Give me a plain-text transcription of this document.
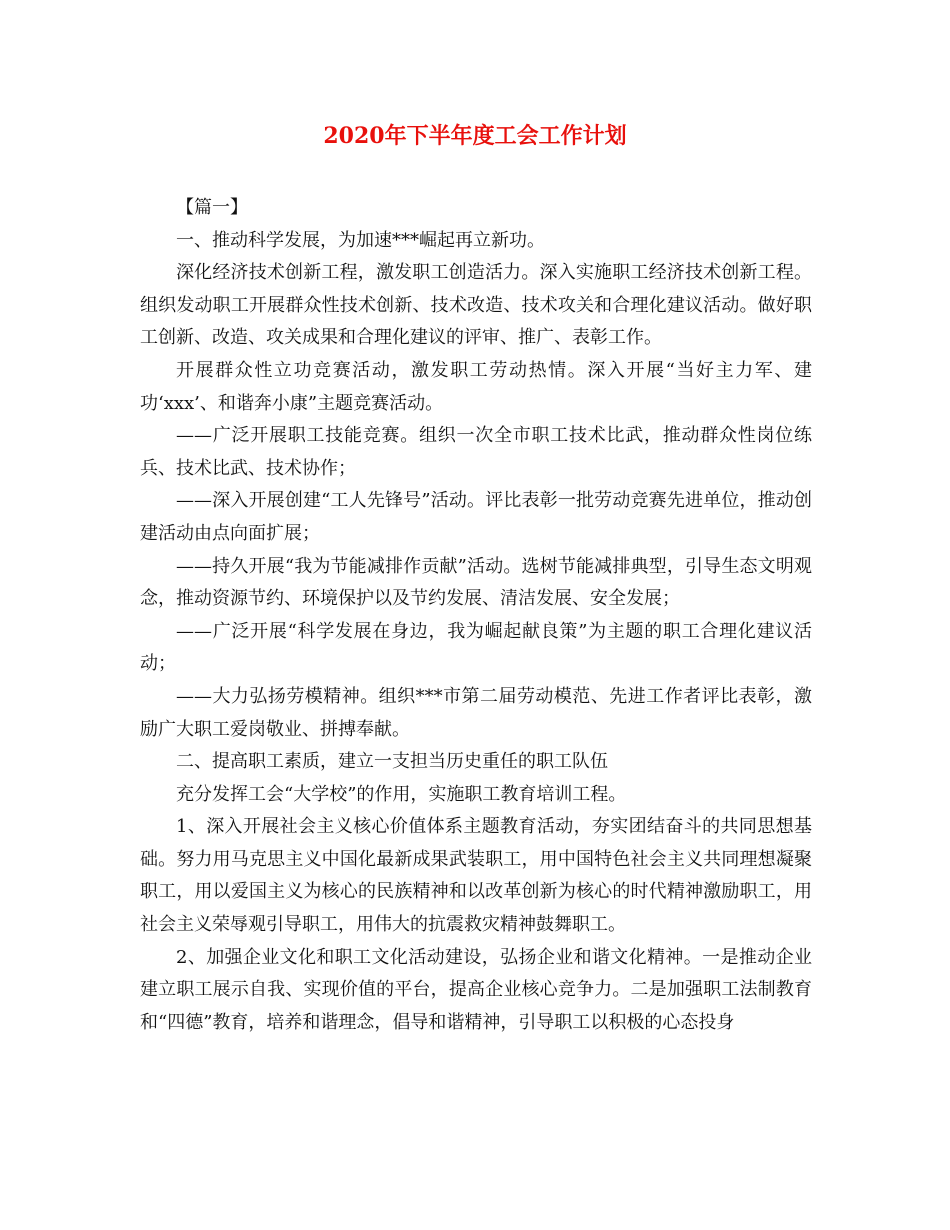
2020年下半年度工会工作计划

【篇一】

一、推动科学发展，为加速***崛起再立新功。

深化经济技术创新工程，激发职工创造活力。深入实施职工经济技术创新工程。组织发动职工开展群众性技术创新、技术改造、技术攻关和合理化建议活动。做好职工创新、改造、攻关成果和合理化建议的评审、推广、表彰工作。

开展群众性立功竞赛活动，激发职工劳动热情。深入开展“当好主力军、建功‘xxx’、和谐奔小康”主题竞赛活动。

——广泛开展职工技能竞赛。组织一次全市职工技术比武，推动群众性岗位练兵、技术比武、技术协作；

——深入开展创建“工人先锋号”活动。评比表彰一批劳动竞赛先进单位，推动创建活动由点向面扩展；

——持久开展“我为节能减排作贡献”活动。选树节能减排典型，引导生态文明观念，推动资源节约、环境保护以及节约发展、清洁发展、安全发展；

——广泛开展“科学发展在身边，我为崛起献良策”为主题的职工合理化建议活动；

——大力弘扬劳模精神。组织***市第二届劳动模范、先进工作者评比表彰，激励广大职工爱岗敬业、拼搏奉献。

二、提高职工素质，建立一支担当历史重任的职工队伍

充分发挥工会“大学校”的作用，实施职工教育培训工程。

1、深入开展社会主义核心价值体系主题教育活动，夯实团结奋斗的共同思想基础。努力用马克思主义中国化最新成果武装职工，用中国特色社会主义共同理想凝聚职工，用以爱国主义为核心的民族精神和以改革创新为核心的时代精神激励职工，用社会主义荣辱观引导职工，用伟大的抗震救灾精神鼓舞职工。

2、加强企业文化和职工文化活动建设，弘扬企业和谐文化精神。一是推动企业建立职工展示自我、实现价值的平台，提高企业核心竞争力。二是加强职工法制教育和“四德”教育，培养和谐理念，倡导和谐精神，引导职工以积极的心态投身
